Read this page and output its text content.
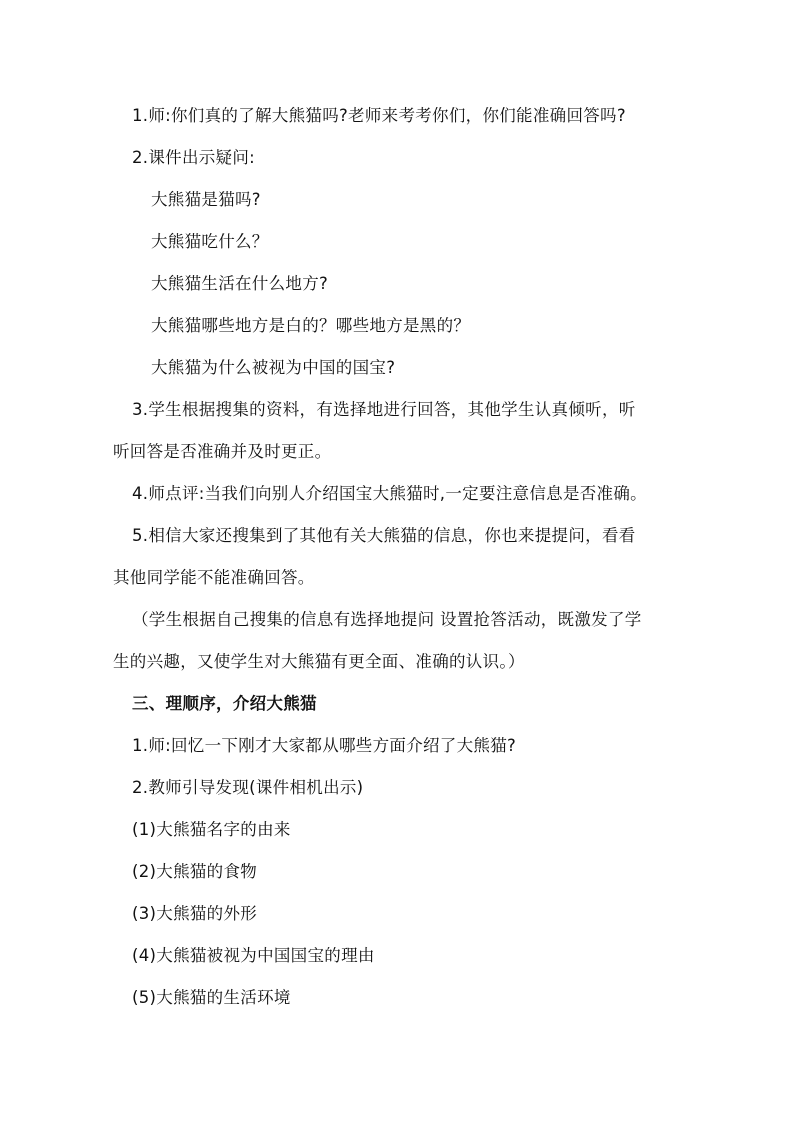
1.师:你们真的了解大熊猫吗?老师来考考你们，你们能准确回答吗?
2.课件出示疑问:
大熊猫是猫吗?
大熊猫吃什么？
大熊猫生活在什么地方?
大熊猫哪些地方是白的？哪些地方是黑的？
大熊猫为什么被视为中国的国宝?
3.学生根据搜集的资料，有选择地进行回答，其他学生认真倾听，听
听回答是否准确并及时更正。
4.师点评:当我们向别人介绍国宝大熊猫时,一定要注意信息是否准确。
5.相信大家还搜集到了其他有关大熊猫的信息，你也来提提问，看看
其他同学能不能准确回答。
（学生根据自己搜集的信息有选择地提问 设置抢答活动，既激发了学
生的兴趣，又使学生对大熊猫有更全面、准确的认识。）
三、理顺序，介绍大熊猫
1.师:回忆一下刚才大家都从哪些方面介绍了大熊猫?
2.教师引导发现(课件相机出示)
(1)大熊猫名字的由来
(2)大熊猫的食物
(3)大熊猫的外形
(4)大熊猫被视为中国国宝的理由
(5)大熊猫的生活环境
